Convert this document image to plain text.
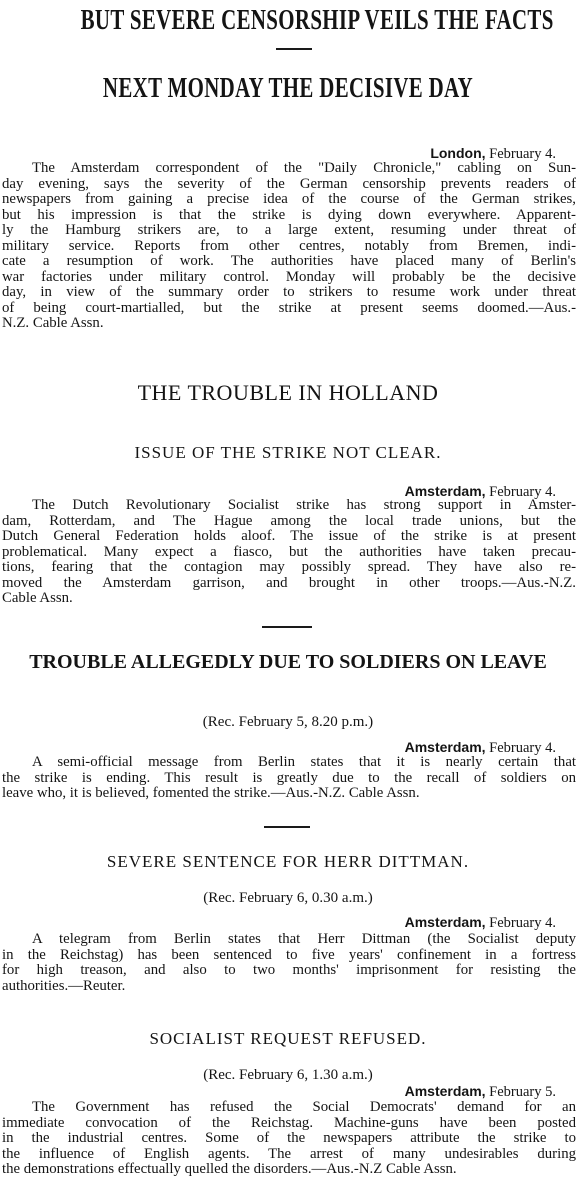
BUT SEVERE CENSORSHIP VEILS THE FACTS
NEXT MONDAY THE DECISIVE DAY
London, February 4.
The Amsterdam correspondent of the "Daily Chronicle," cabling on Sun-
day evening, says the severity of the German censorship prevents readers of
newspapers from gaining a precise idea of the course of the German strikes,
but his impression is that the strike is dying down everywhere. Apparent-
ly the Hamburg strikers are, to a large extent, resuming under threat of
military service. Reports from other centres, notably from Bremen, indi-
cate a resumption of work. The authorities have placed many of Berlin's
war factories under military control. Monday will probably be the decisive
day, in view of the summary order to strikers to resume work under threat
of being court-martialled, but the strike at present seems doomed.—Aus.-
N.Z. Cable Assn.
THE TROUBLE IN HOLLAND
ISSUE OF THE STRIKE NOT CLEAR.
Amsterdam, February 4.
The Dutch Revolutionary Socialist strike has strong support in Amster-
dam, Rotterdam, and The Hague among the local trade unions, but the
Dutch General Federation holds aloof. The issue of the strike is at present
problematical. Many expect a fiasco, but the authorities have taken precau-
tions, fearing that the contagion may possibly spread. They have also re-
moved the Amsterdam garrison, and brought in other troops.—Aus.-N.Z.
Cable Assn.
TROUBLE ALLEGEDLY DUE TO SOLDIERS ON LEAVE
(Rec. February 5, 8.20 p.m.)
Amsterdam, February 4.
A semi-official message from Berlin states that it is nearly certain that
the strike is ending. This result is greatly due to the recall of soldiers on
leave who, it is believed, fomented the strike.—Aus.-N.Z. Cable Assn.
SEVERE SENTENCE FOR HERR DITTMAN.
(Rec. February 6, 0.30 a.m.)
Amsterdam, February 4.
A telegram from Berlin states that Herr Dittman (the Socialist deputy
in the Reichstag) has been sentenced to five years' confinement in a fortress
for high treason, and also to two months' imprisonment for resisting the
authorities.—Reuter.
SOCIALIST REQUEST REFUSED.
(Rec. February 6, 1.30 a.m.)
Amsterdam, February 5.
The Government has refused the Social Democrats' demand for an
immediate convocation of the Reichstag. Machine-guns have been posted
in the industrial centres. Some of the newspapers attribute the strike to
the influence of English agents. The arrest of many undesirables during
the demonstrations effectually quelled the disorders.—Aus.-N.Z Cable Assn.
